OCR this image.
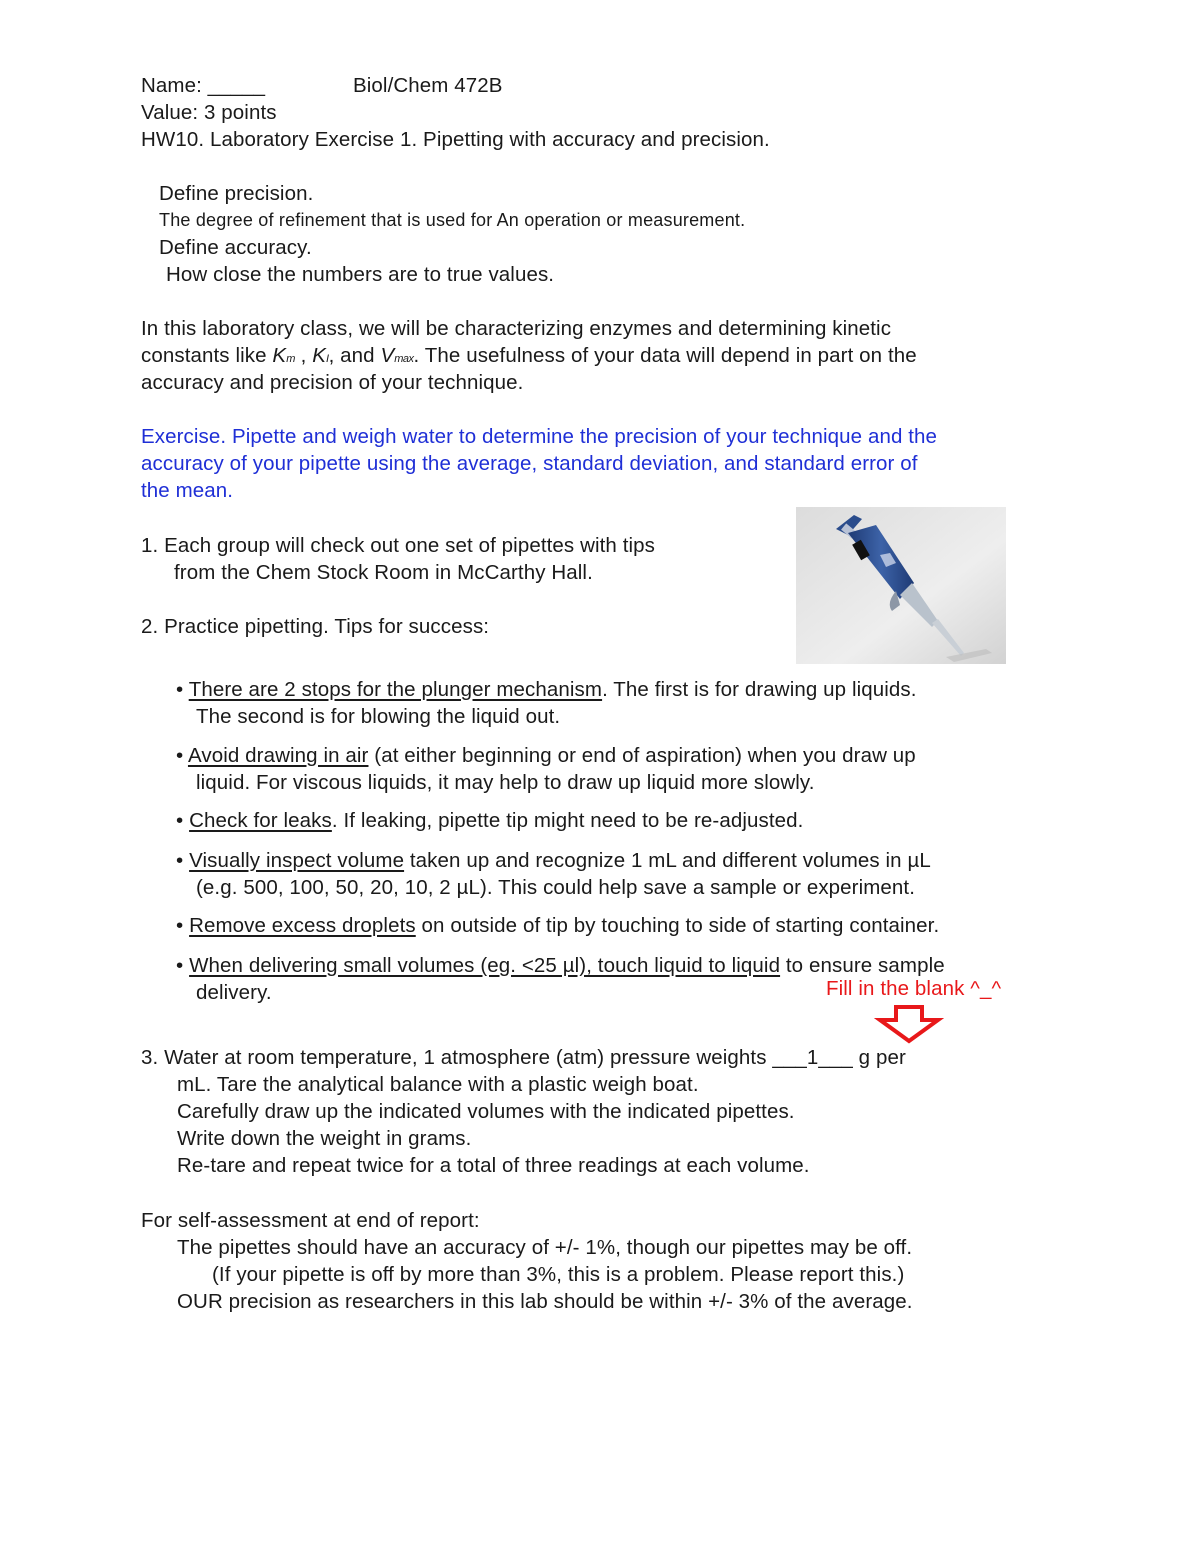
Name: _____	Biol/Chem 472B
Value: 3 points
HW10. Laboratory Exercise 1. Pipetting with accuracy and precision.
Define precision.
The degree of refinement that is used for An operation or measurement.
Define accuracy.
How close the numbers are to true values.
In this laboratory class, we will be characterizing enzymes and determining kinetic
constants like Km , KI, and Vmax. The usefulness of your data will depend in part on the
accuracy and precision of your technique.
Exercise. Pipette and weigh water to determine the precision of your technique and the
accuracy of your pipette using the average, standard deviation, and standard error of
the mean.
1. Each group will check out one set of pipettes with tips
from the Chem Stock Room in McCarthy Hall.
2. Practice pipetting. Tips for success:
• There are 2 stops for the plunger mechanism. The first is for drawing up liquids.
The second is for blowing the liquid out.
• Avoid drawing in air (at either beginning or end of aspiration) when you draw up
liquid. For viscous liquids, it may help to draw up liquid more slowly.
• Check for leaks. If leaking, pipette tip might need to be re-adjusted.
• Visually inspect volume taken up and recognize 1 mL and different volumes in µL
(e.g. 500, 100, 50, 20, 10, 2 µL). This could help save a sample or experiment.
• Remove excess droplets on outside of tip by touching to side of starting container.
• When delivering small volumes (eg. <25 µl), touch liquid to liquid to ensure sample
delivery.	Fill in the blank ^_^
3. Water at room temperature, 1 atmosphere (atm) pressure weights ___1___ g per
mL. Tare the analytical balance with a plastic weigh boat.
Carefully draw up the indicated volumes with the indicated pipettes.
Write down the weight in grams.
Re-tare and repeat twice for a total of three readings at each volume.
For self-assessment at end of report:
The pipettes should have an accuracy of +/- 1%, though our pipettes may be off.
(If your pipette is off by more than 3%, this is a problem. Please report this.)
OUR precision as researchers in this lab should be within +/- 3% of the average.
